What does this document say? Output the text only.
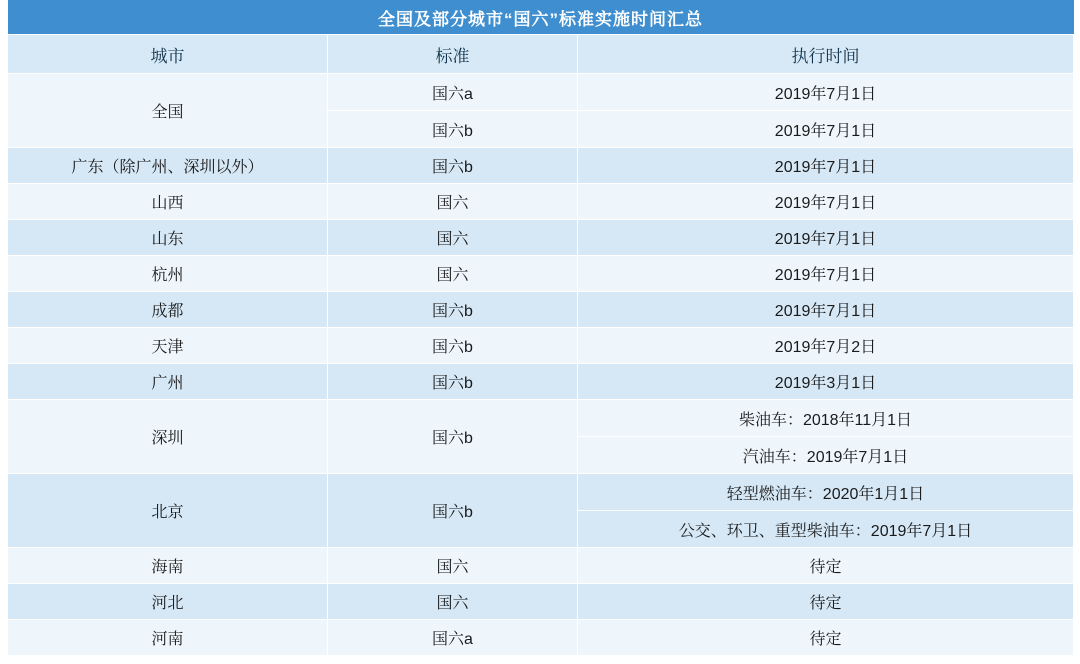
全国及部分城市“国六”标准实施时间汇总		
城市	标准	执行时间
全国	国六a	2019年7月1日
	国六b	2019年7月1日
广东（除广州、深圳以外）	国六b	2019年7月1日
山西	国六	2019年7月1日
山东	国六	2019年7月1日
杭州	国六	2019年7月1日
成都	国六b	2019年7月1日
天津	国六b	2019年7月2日
广州	国六b	2019年3月1日
深圳	国六b	柴油车：2018年11月1日
		汽油车：2019年7月1日
北京	国六b	轻型燃油车：2020年1月1日
		公交、环卫、重型柴油车：2019年7月1日
海南	国六	待定
河北	国六	待定
河南	国六a	待定
